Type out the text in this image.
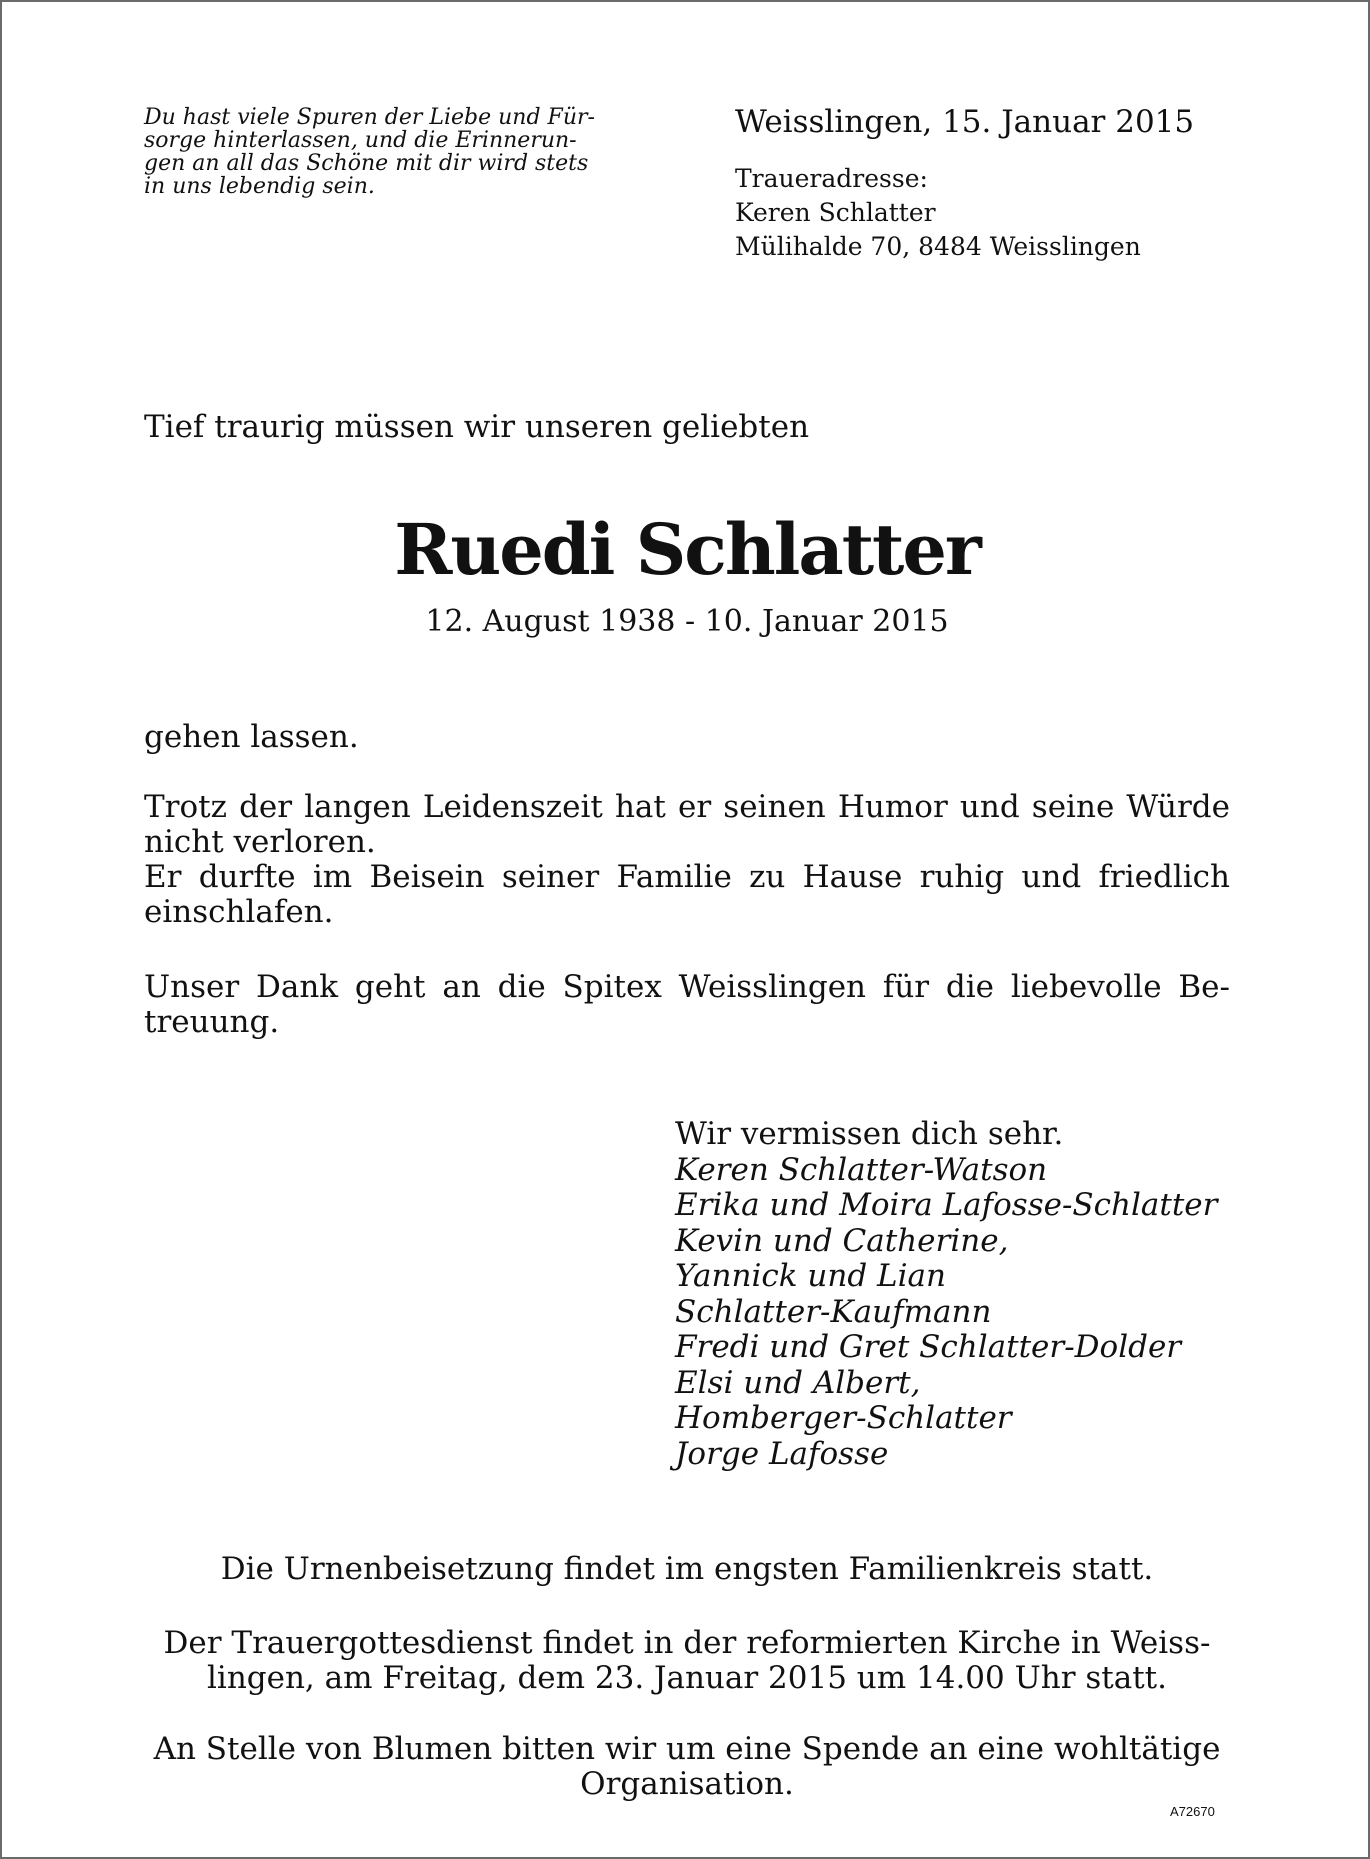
Du hast viele Spuren der Liebe und Für-
sorge hinterlassen, und die Erinnerun-
gen an all das Schöne mit dir wird stets
in uns lebendig sein.
Weisslingen, 15. Januar 2015
Traueradresse:
Keren Schlatter
Mülihalde 70, 8484 Weisslingen
Tief traurig müssen wir unseren geliebten
Ruedi Schlatter
12. August 1938 - 10. Januar 2015
gehen lassen.
Trotz der langen Leidenszeit hat er seinen Humor und seine Würde
nicht verloren.
Er durfte im Beisein seiner Familie zu Hause ruhig und friedlich
einschlafen.
Unser Dank geht an die Spitex Weisslingen für die liebevolle Be-
treuung.
Wir vermissen dich sehr.
Keren Schlatter-Watson
Erika und Moira Lafosse-Schlatter
Kevin und Catherine,
Yannick und Lian
Schlatter-Kaufmann
Fredi und Gret Schlatter-Dolder
Elsi und Albert,
Homberger-Schlatter
Jorge Lafosse
Die Urnenbeisetzung findet im engsten Familienkreis statt.
Der Trauergottesdienst findet in der reformierten Kirche in Weiss-
lingen, am Freitag, dem 23. Januar 2015 um 14.00 Uhr statt.
An Stelle von Blumen bitten wir um eine Spende an eine wohltätige
Organisation.
A72670
